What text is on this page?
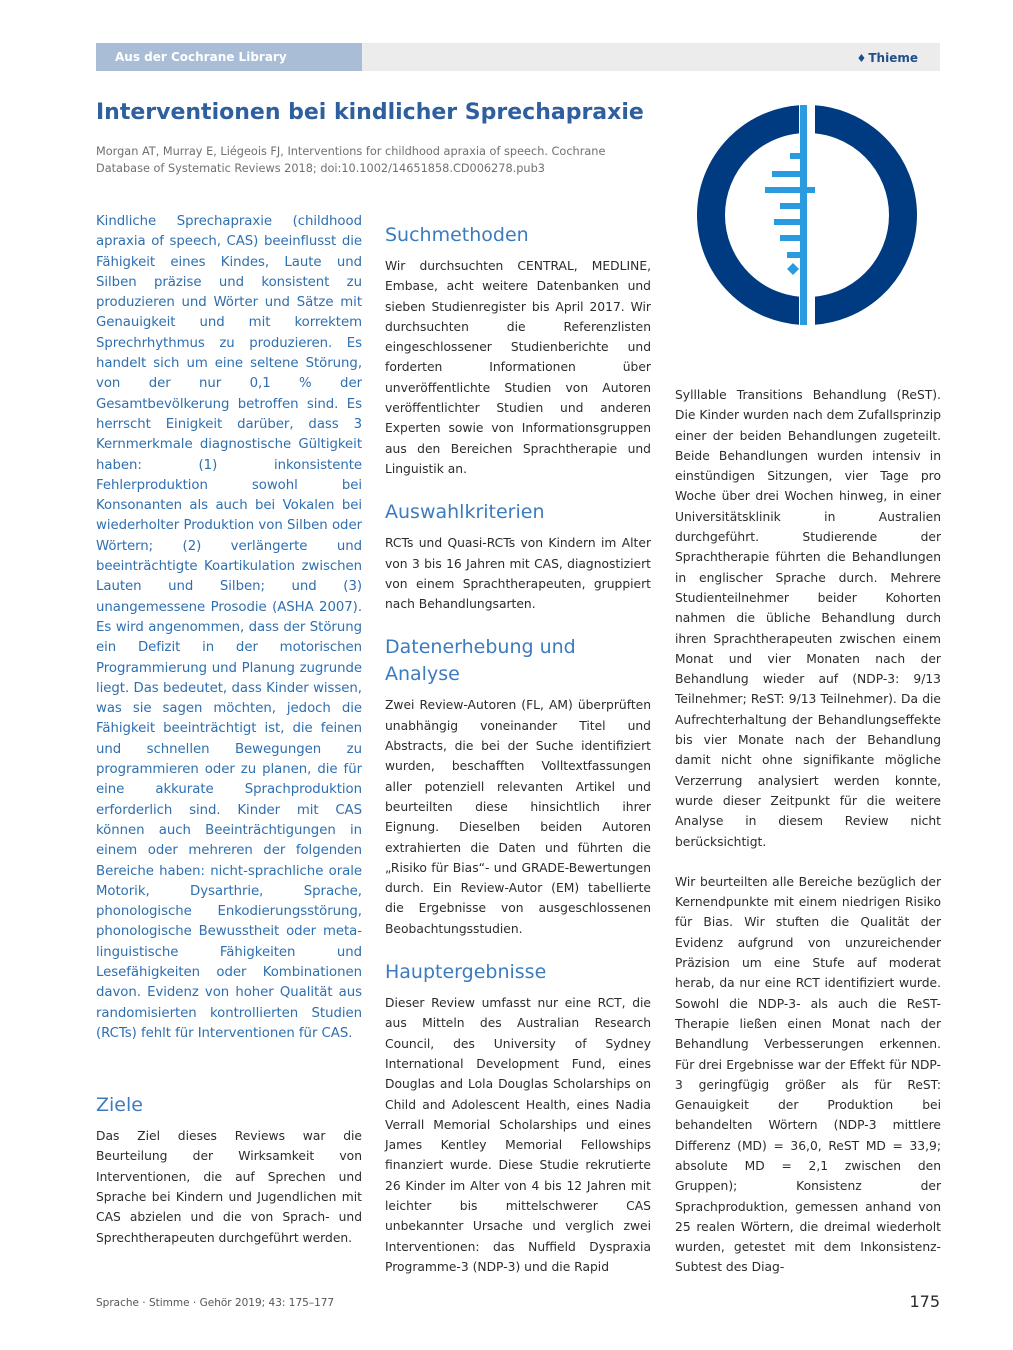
Aus der Cochrane Library	♦ Thieme
Interventionen bei kindlicher Sprechapraxie
Morgan AT, Murray E, Liégeois FJ, Interventions for childhood apraxia of speech. Cochrane Database of Systematic Reviews 2018; doi:10.1002/14651858.CD006278.pub3

Kindliche Sprechapraxie (childhood apraxia of speech, CAS) beeinflusst die Fähigkeit eines Kindes, Laute und Silben präzise und konsistent zu produzieren und Wörter und Sätze mit Genauigkeit und mit korrektem Sprechrhythmus zu produzieren. Es handelt sich um eine seltene Störung, von der nur 0,1 % der Gesamtbevölkerung betroffen sind. Es herrscht Einigkeit darüber, dass 3 Kernmerkmale diagnostische Gültigkeit haben: (1) inkonsistente Fehlerproduktion sowohl bei Konsonanten als auch bei Vokalen bei wiederholter Produktion von Silben oder Wörtern; (2) verlängerte und beeinträchtigte Koartikulation zwischen Lauten und Silben; und (3) unangemessene Prosodie (ASHA 2007). Es wird angenommen, dass der Störung ein Defizit in der motorischen Programmierung und Planung zugrunde liegt. Das bedeutet, dass Kinder wissen, was sie sagen möchten, jedoch die Fähigkeit beeinträchtigt ist, die feinen und schnellen Bewegungen zu programmieren oder zu planen, die für eine akkurate Sprachproduktion erforderlich sind. Kinder mit CAS können auch Beeinträchtigungen in einem oder mehreren der folgenden Bereiche haben: nicht-sprachliche orale Motorik, Dysarthrie, Sprache, phonologische Enkodierungsstörung, phonologische Bewusstheit oder meta-linguistische Fähigkeiten und Lesefähigkeiten oder Kombinationen davon. Evidenz von hoher Qualität aus randomisierten kontrollierten Studien (RCTs) fehlt für Interventionen für CAS.

Ziele

Das Ziel dieses Reviews war die Beurteilung der Wirksamkeit von Interventionen, die auf Sprechen und Sprache bei Kindern und Jugendlichen mit CAS abzielen und die von Sprach- und Sprechtherapeuten durchgeführt werden.

Suchmethoden

Wir durchsuchten CENTRAL, MEDLINE, Embase, acht weitere Datenbanken und sieben Studienregister bis April 2017. Wir durchsuchten die Referenzlisten eingeschlossener Studienberichte und forderten Informationen über unveröffentlichte Studien von Autoren veröffentlichter Studien und anderen Experten sowie von Informationsgruppen aus den Bereichen Sprachtherapie und Linguistik an.

Auswahlkriterien

RCTs und Quasi-RCTs von Kindern im Alter von 3 bis 16 Jahren mit CAS, diagnostiziert von einem Sprachtherapeuten, gruppiert nach Behandlungsarten.

Datenerhebung und
Analyse

Zwei Review-Autoren (FL, AM) überprüften unabhängig voneinander Titel und Abstracts, die bei der Suche identifiziert wurden, beschafften Volltextfassungen aller potenziell relevanten Artikel und beurteilten diese hinsichtlich ihrer Eignung. Dieselben beiden Autoren extrahierten die Daten und führten die „Risiko für Bias“- und GRADE-Bewertungen durch. Ein Review-Autor (EM) tabellierte die Ergebnisse von ausgeschlossenen Beobachtungsstudien.

Hauptergebnisse

Dieser Review umfasst nur eine RCT, die aus Mitteln des Australian Research Council, des University of Sydney International Development Fund, eines Douglas and Lola Douglas Scholarships on Child and Adolescent Health, eines Nadia Verrall Memorial Scholarships und eines James Kentley Memorial Fellowships finanziert wurde. Diese Studie rekrutierte 26 Kinder im Alter von 4 bis 12 Jahren mit leichter bis mittelschwerer CAS unbekannter Ursache und verglich zwei Interventionen: das Nuffield Dyspraxia Programme-3 (NDP-3) und die Rapid

Sylllable Transitions Behandlung (ReST). Die Kinder wurden nach dem Zufallsprinzip einer der beiden Behandlungen zugeteilt. Beide Behandlungen wurden intensiv in einstündigen Sitzungen, vier Tage pro Woche über drei Wochen hinweg, in einer Universitätsklinik in Australien durchgeführt. Studierende der Sprachtherapie führten die Behandlungen in englischer Sprache durch. Mehrere Studienteilnehmer beider Kohorten nahmen die übliche Behandlung durch ihren Sprachtherapeuten zwischen einem Monat und vier Monaten nach der Behandlung wieder auf (NDP-3: 9/13 Teilnehmer; ReST: 9/13 Teilnehmer). Da die Aufrechterhaltung der Behandlungseffekte bis vier Monate nach der Behandlung damit nicht ohne signifikante mögliche Verzerrung analysiert werden konnte, wurde dieser Zeitpunkt für die weitere Analyse in diesem Review nicht berücksichtigt.

Wir beurteilten alle Bereiche bezüglich der Kernendpunkte mit einem niedrigen Risiko für Bias. Wir stuften die Qualität der Evidenz aufgrund von unzureichender Präzision um eine Stufe auf moderat herab, da nur eine RCT identifiziert wurde. Sowohl die NDP-3- als auch die ReST-Therapie ließen einen Monat nach der Behandlung Verbesserungen erkennen. Für drei Ergebnisse war der Effekt für NDP-3 geringfügig größer als für ReST: Genauigkeit der Produktion bei behandelten Wörtern (NDP-3 mittlere Differenz (MD) = 36,0, ReST MD = 33,9; absolute MD = 2,1 zwischen den Gruppen); Konsistenz der Sprachproduktion, gemessen anhand von 25 realen Wörtern, die dreimal wiederholt wurden, getestet mit dem Inkonsistenz-Subtest des Diag-

Sprache · Stimme · Gehör 2019; 43: 175–177	175
